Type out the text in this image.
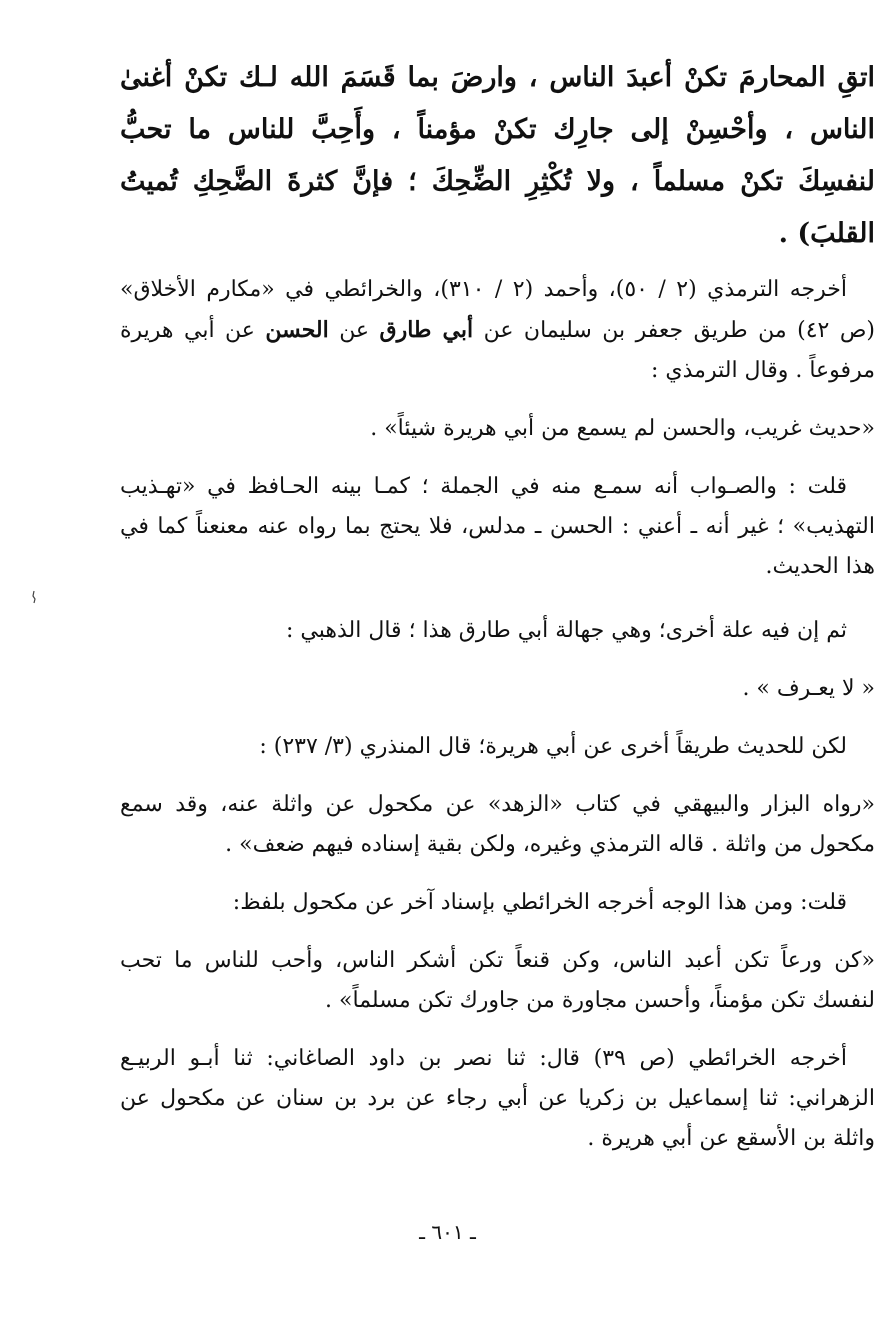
اتقِ المحارمَ تكنْ أعبدَ الناس ، وارضَ بما قَسَمَ الله لـك تكنْ أغنىٰ الناس ، وأحْسِنْ إلى جارِك تكنْ مؤمناً ، وأَحِبَّ للناس ما تحبُّ لنفسِكَ تكنْ مسلماً ، ولا تُكْثِرِ الضِّحِكَ ؛ فإنَّ كثرةَ الضَّحِكِ تُميتُ القلبَ) .

أخرجه الترمذي (٢ / ٥٠)، وأحمد (٢ / ٣١٠)، والخرائطي في «مكارم الأخلاق» (ص ٤٢) من طريق جعفر بن سليمان عن أبي طارق عن الحسن عن أبي هريرة مرفوعاً . وقال الترمذي :

«حديث غريب، والحسن لم يسمع من أبي هريرة شيئاً» .

قلت : والصـواب أنه سمـع منه في الجملة ؛ كمـا بينه الحـافظ في «تهـذيب التهذيب» ؛ غير أنه ـ أعني : الحسن ـ مدلس، فلا يحتج بما رواه عنه معنعناً كما في هذا الحديث.

ثم إن فيه علة أخرى؛ وهي جهالة أبي طارق هذا ؛ قال الذهبي :

« لا يعـرف » .

لكن للحديث طريقاً أخرى عن أبي هريرة؛ قال المنذري (٣/ ٢٣٧) :

«رواه البزار والبيهقي في كتاب «الزهد» عن مكحول عن واثلة عنه، وقد سمع مكحول من واثلة . قاله الترمذي وغيره، ولكن بقية إسناده فيهم ضعف» .

قلت: ومن هذا الوجه أخرجه الخرائطي بإسناد آخر عن مكحول بلفظ:

«كن ورعاً تكن أعبد الناس، وكن قنعاً تكن أشكر الناس، وأحب للناس ما تحب لنفسك تكن مؤمناً، وأحسن مجاورة من جاورك تكن مسلماً» .

أخرجه الخرائطي (ص ٣٩) قال: ثنا نصر بن داود الصاغاني: ثنا أبـو الربيـع الزهراني: ثنا إسماعيل بن زكريا عن أبي رجاء عن برد بن سنان عن مكحول عن واثلة بن الأسقع عن أبي هريرة .

ـ ٦٠١ ـ
